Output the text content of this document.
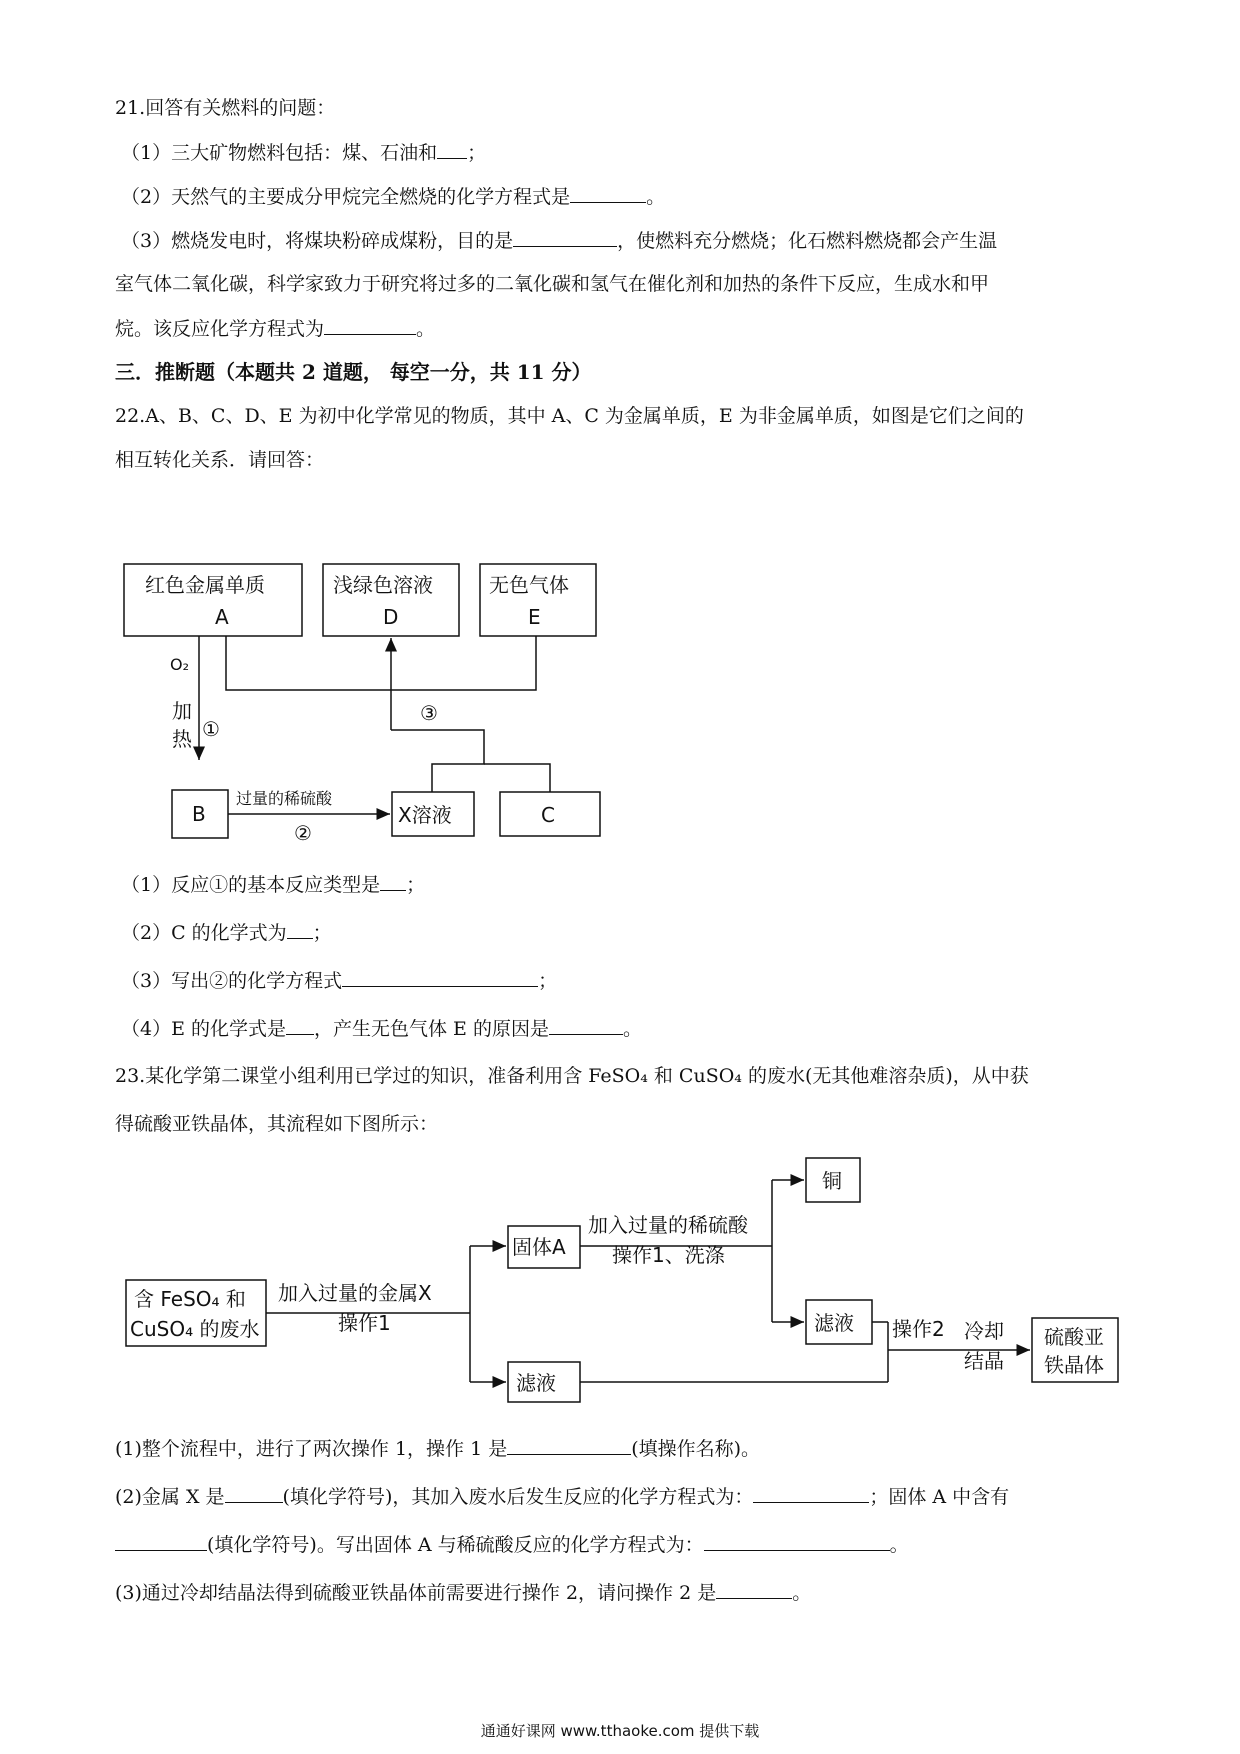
21.回答有关燃料的问题：
（1）三大矿物燃料包括：煤、石油和 ；
（2）天然气的主要成分甲烷完全燃烧的化学方程式是	。
（3）燃烧发电时，将煤块粉碎成煤粉，目的是	，使燃料充分燃烧；化石燃料燃烧都会产生温
室气体二氧化碳，科学家致力于研究将过多的二氧化碳和氢气在催化剂和加热的条件下反应，生成水和甲
烷。该反应化学方程式为	。
三．推断题（本题共 2 道题， 每空一分，共 11 分）
22.A、B、C、D、E 为初中化学常见的物质，其中 A、C 为金属单质，E 为非金属单质，如图是它们之间的
相互转化关系．请回答：
红色金属单质
A
浅绿色溶液
D
无色气体
E
B	X溶液	C
O₂
加
热 ①
过量的稀硫酸
②
③
（1）反应①的基本反应类型是 ；
（2）C 的化学式为 ；
（3）写出②的化学方程式	；
（4）E 的化学式是 ，产生无色气体 E 的原因是	。
23.某化学第二课堂小组利用已学过的知识，准备利用含 FeSO₄ 和 CuSO₄ 的废水(无其他难溶杂质)，从中获
得硫酸亚铁晶体，其流程如下图所示：
含 FeSO₄ 和
CuSO₄ 的废水
加入过量的金属X
操作1
固体A
加入过量的稀硫酸
操作1、洗涤
铜
滤液
滤液
操作2 冷却
结晶
硫酸亚
铁晶体
(1)整个流程中，进行了两次操作 1，操作 1 是	(填操作名称)。
(2)金属 X 是	(填化学符号)，其加入废水后发生反应的化学方程式为：	；固体 A 中含有
(填化学符号)。写出固体 A 与稀硫酸反应的化学方程式为：	。
(3)通过冷却结晶法得到硫酸亚铁晶体前需要进行操作 2，请问操作 2 是	。
通通好课网 www.tthaoke.com 提供下载
